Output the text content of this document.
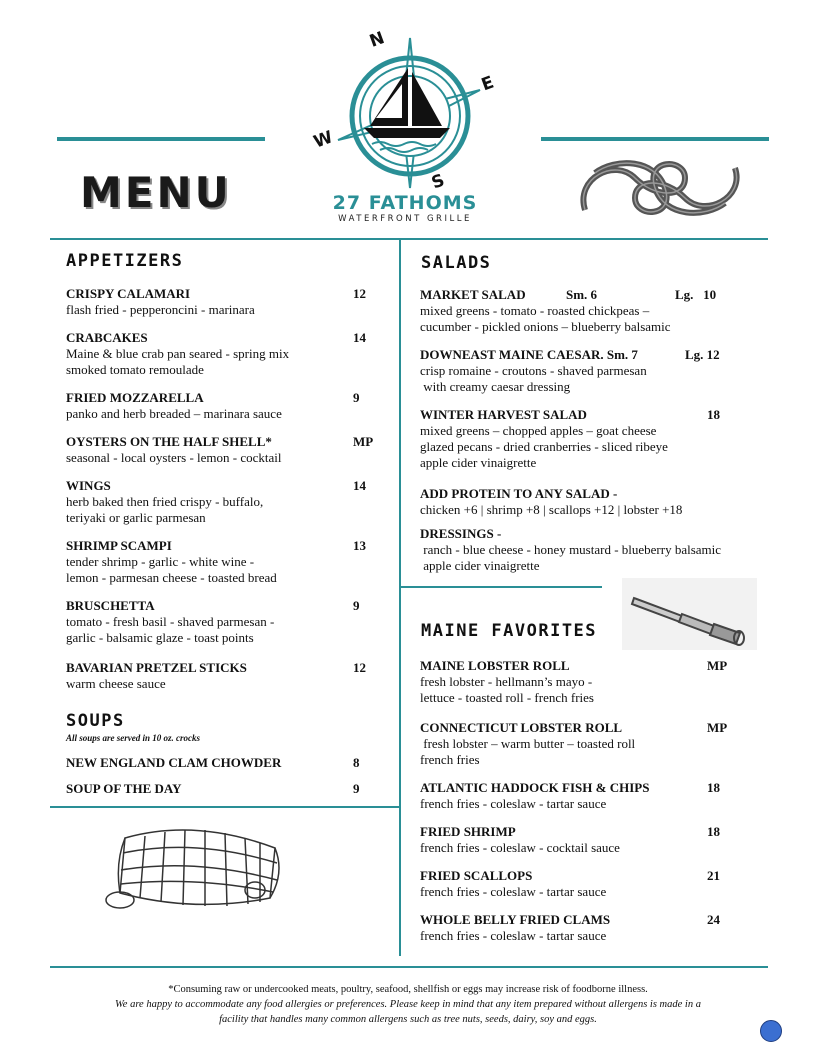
N
E
S
W
27 FATHOMS
WATERFRONT GRILLE
MENU
APPETIZERS
CRISPY CALAMARI	12
flash fried - pepperoncini - marinara
CRABCAKES	14
Maine & blue crab pan seared - spring mix
smoked tomato remoulade
FRIED MOZZARELLA	9
panko and herb breaded – marinara sauce
OYSTERS ON THE HALF SHELL*	MP
seasonal - local oysters - lemon - cocktail
WINGS	14
herb baked then fried crispy - buffalo,
teriyaki or garlic parmesan
SHRIMP SCAMPI	13
tender shrimp - garlic - white wine -
lemon - parmesan cheese - toasted bread
BRUSCHETTA	9
tomato - fresh basil - shaved parmesan -
garlic - balsamic glaze - toast points
BAVARIAN PRETZEL STICKS	12
warm cheese sauce
SOUPS
All soups are served in 10 oz. crocks
NEW ENGLAND CLAM CHOWDER	8
SOUP OF THE DAY	9
SALADS
MARKET SALAD	Sm. 6	Lg.   10
mixed greens - tomato - roasted chickpeas –
cucumber - pickled onions – blueberry balsamic
DOWNEAST MAINE CAESAR. Sm. 7	Lg. 12
crisp romaine - croutons - shaved parmesan
with creamy caesar dressing
WINTER HARVEST SALAD	18
mixed greens – chopped apples – goat cheese
glazed pecans - dried cranberries - sliced ribeye
apple cider vinaigrette
ADD PROTEIN TO ANY SALAD -
chicken +6 | shrimp +8 | scallops +12 | lobster +18
DRESSINGS -
ranch - blue cheese - honey mustard - blueberry balsamic
apple cider vinaigrette
MAINE FAVORITES
MAINE LOBSTER ROLL	MP
fresh lobster - hellmann’s mayo -
lettuce - toasted roll - french fries
CONNECTICUT LOBSTER ROLL	MP
fresh lobster – warm butter – toasted roll
french fries
ATLANTIC HADDOCK FISH & CHIPS	18
french fries - coleslaw - tartar sauce
FRIED SHRIMP	18
french fries - coleslaw - cocktail sauce
FRIED SCALLOPS	21
french fries - coleslaw - tartar sauce
WHOLE BELLY FRIED CLAMS	24
french fries - coleslaw - tartar sauce
*Consuming raw or undercooked meats, poultry, seafood, shellfish or eggs may increase risk of foodborne illness.
We are happy to accommodate any food allergies or preferences. Please keep in mind that any item prepared without allergens is made in a
facility that handles many common allergens such as tree nuts, seeds, dairy, soy and eggs.
